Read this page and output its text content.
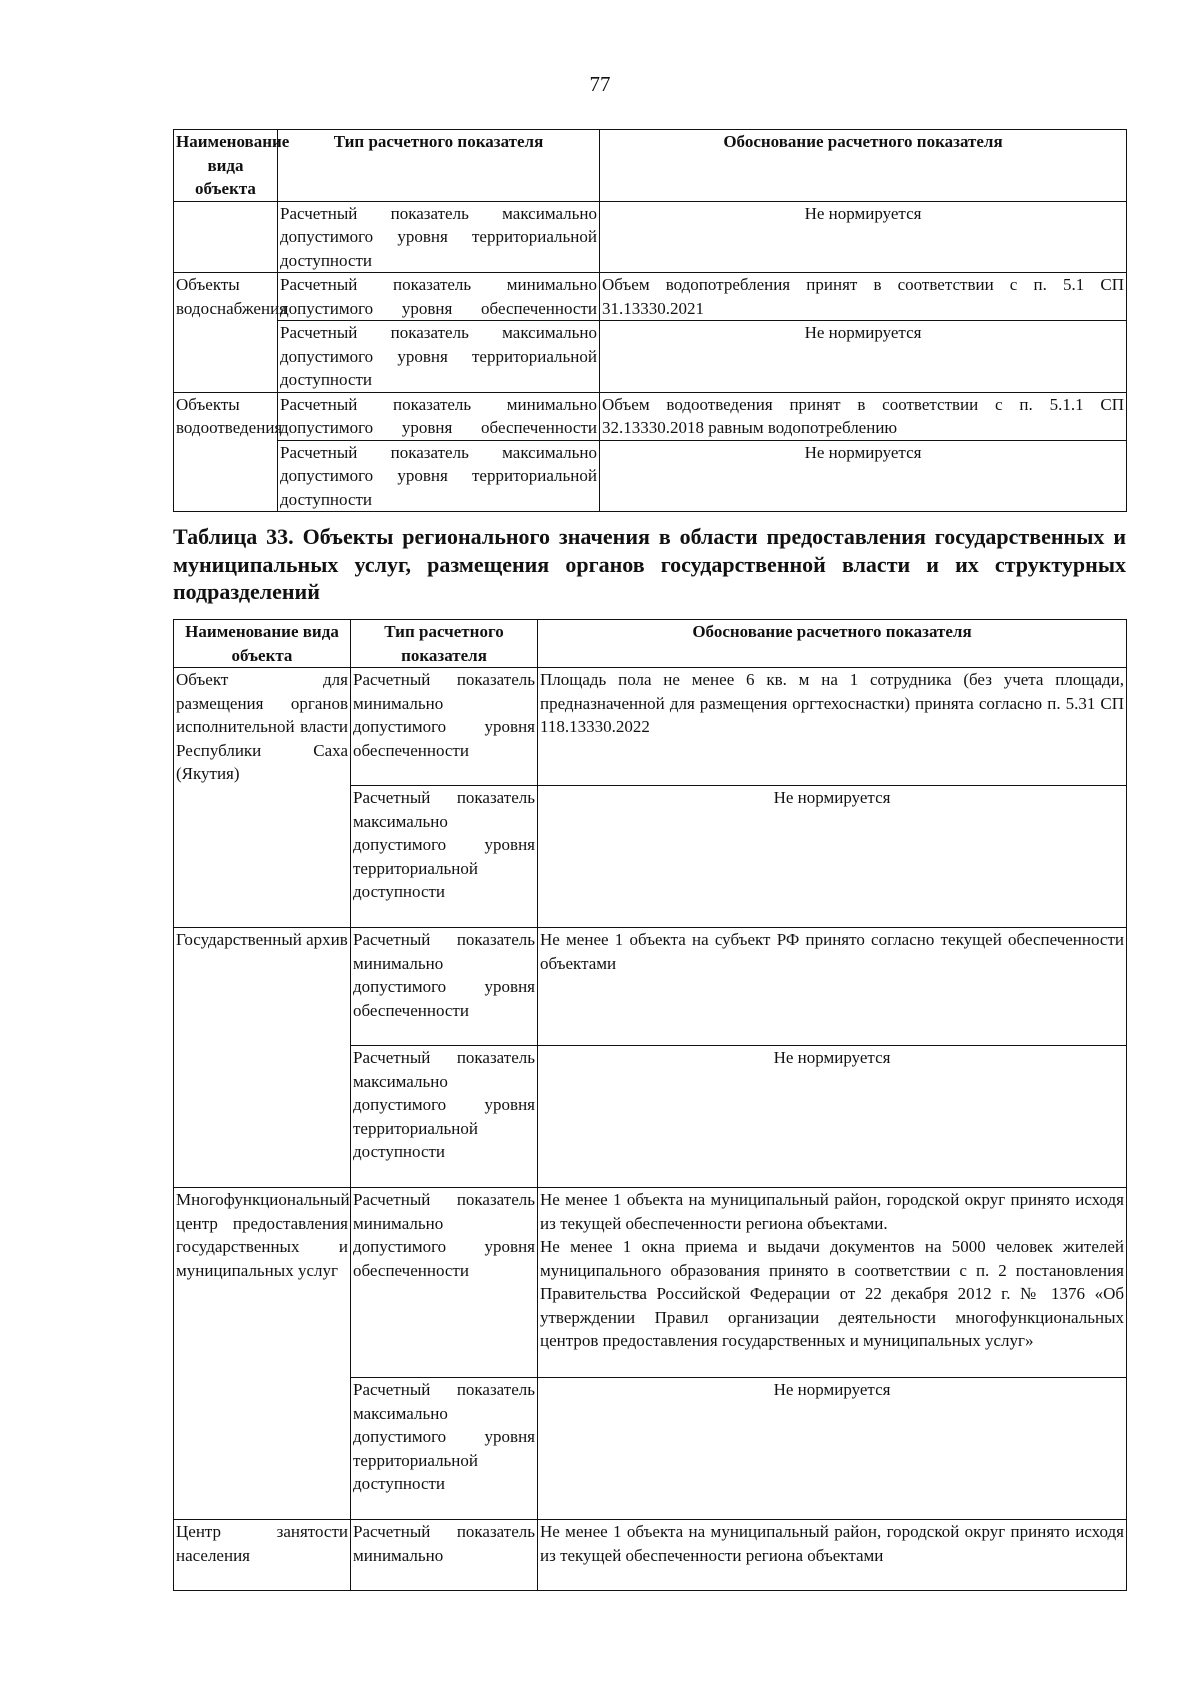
77
Наименование вида объекта	Тип расчетного показателя	Обоснование расчетного показателя
	Расчетный показатель максимально допустимого уровня территориальной доступности	Не нормируется
Объекты водоснабжения	Расчетный показатель минимально допустимого уровня обеспеченности	Объем водопотребления принят в соответствии с п. 5.1 СП 31.13330.2021
	Расчетный показатель максимально допустимого уровня территориальной доступности	Не нормируется
Объекты водоотведения	Расчетный показатель минимально допустимого уровня обеспеченности	Объем водоотведения принят в соответствии с п. 5.1.1 СП 32.13330.2018 равным водопотреблению
	Расчетный показатель максимально допустимого уровня территориальной доступности	Не нормируется
Таблица 33. Объекты регионального значения в области предоставления государственных и муниципальных услуг, размещения органов государственной власти и их структурных подразделений
Наименование вида объекта	Тип расчетного показателя	Обоснование расчетного показателя
Объект для размещения органов исполнительной власти Республики Саха (Якутия)	Расчетный показатель минимально допустимого уровня обеспеченности	Площадь пола не менее 6 кв. м на 1 сотрудника (без учета площади, предназначенной для размещения оргтехоснастки) принята согласно п. 5.31 СП 118.13330.2022
	Расчетный показатель максимально допустимого уровня территориальной доступности	Не нормируется
Государственный архив	Расчетный показатель минимально допустимого уровня обеспеченности	Не менее 1 объекта на субъект РФ принято согласно текущей обеспеченности объектами
	Расчетный показатель максимально допустимого уровня территориальной доступности	Не нормируется
Многофункциональный центр предоставления государственных и муниципальных услуг	Расчетный показатель минимально допустимого уровня обеспеченности	Не менее 1 объекта на муниципальный район, городской округ принято исходя из текущей обеспеченности региона объектами.
Не менее 1 окна приема и выдачи документов на 5000 человек жителей муниципального образования принято в соответствии с п. 2 постановления Правительства Российской Федерации от 22 декабря 2012 г. № 1376 «Об утверждении Правил организации деятельности многофункциональных центров предоставления государственных и муниципальных услуг»

	Расчетный показатель максимально допустимого уровня территориальной доступности	Не нормируется
Центр занятости населения	Расчетный показатель минимально	Не менее 1 объекта на муниципальный район, городской округ принято исходя из текущей обеспеченности региона объектами
